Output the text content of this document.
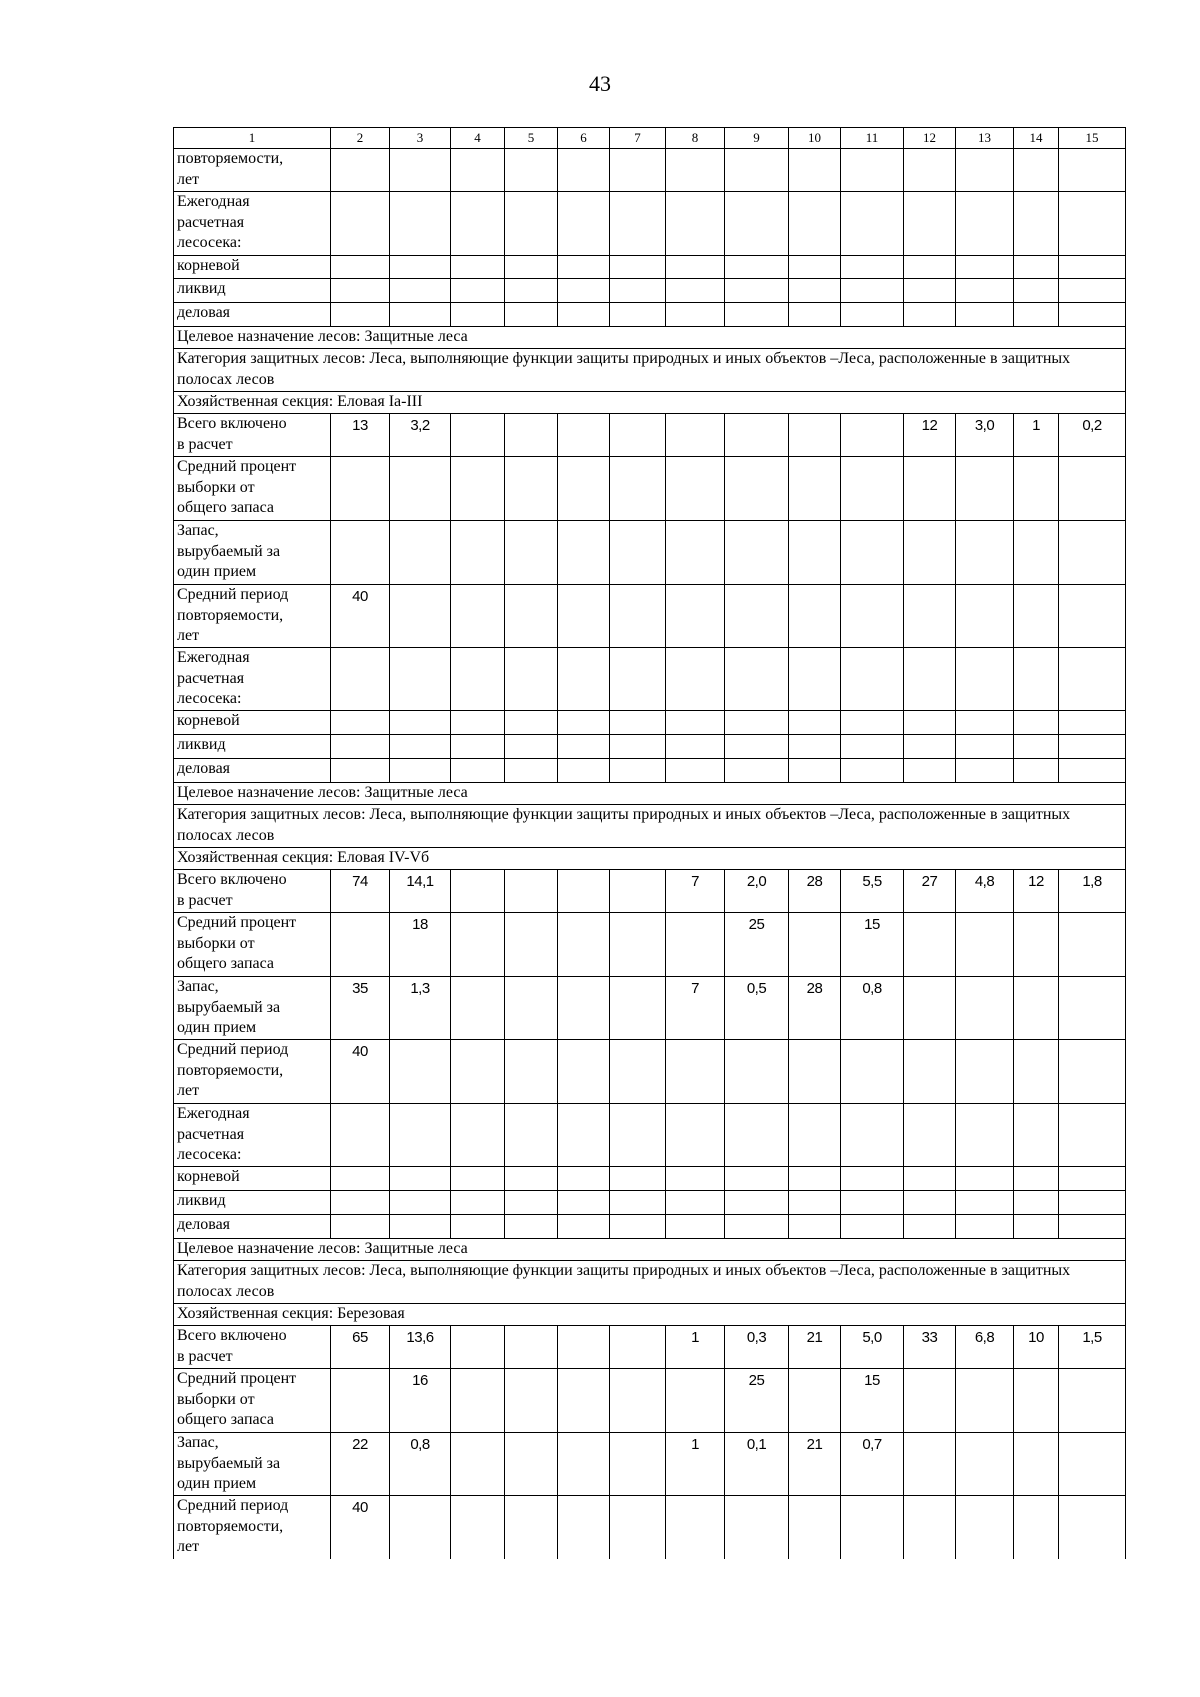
43
1	2	3	4	5	6	7	8	9	10	11	12	13	14	15
повторяемости,
лет														
Ежегодная
расчетная
лесосека:														
корневой														
ликвид														
деловая														
Целевое назначение лесов: Защитные леса														
Категория защитных лесов: Леса, выполняющие функции защиты природных и иных объектов –Леса, расположенные в защитных полосах лесов														
Хозяйственная секция: Еловая Ia-III														
Всего включено
в расчет	13	3,2									12	3,0	1	0,2
Средний процент
выборки от
общего запаса														
Запас,
вырубаемый за
один прием														
Средний период
повторяемости,
лет	40													
Ежегодная
расчетная
лесосека:														
корневой														
ликвид														
деловая														
Целевое назначение лесов: Защитные леса														
Категория защитных лесов: Леса, выполняющие функции защиты природных и иных объектов –Леса, расположенные в защитных полосах лесов														
Хозяйственная секция: Еловая IV-Vб														
Всего включено
в расчет	74	14,1					7	2,0	28	5,5	27	4,8	12	1,8
Средний процент
выборки от
общего запаса		18						25		15				
Запас,
вырубаемый за
один прием	35	1,3					7	0,5	28	0,8				
Средний период
повторяемости,
лет	40													
Ежегодная
расчетная
лесосека:														
корневой														
ликвид														
деловая														
Целевое назначение лесов: Защитные леса														
Категория защитных лесов: Леса, выполняющие функции защиты природных и иных объектов –Леса, расположенные в защитных полосах лесов														
Хозяйственная секция: Березовая														
Всего включено
в расчет	65	13,6					1	0,3	21	5,0	33	6,8	10	1,5
Средний процент
выборки от
общего запаса		16						25		15				
Запас,
вырубаемый за
один прием	22	0,8					1	0,1	21	0,7				
Средний период
повторяемости,
лет	40													
